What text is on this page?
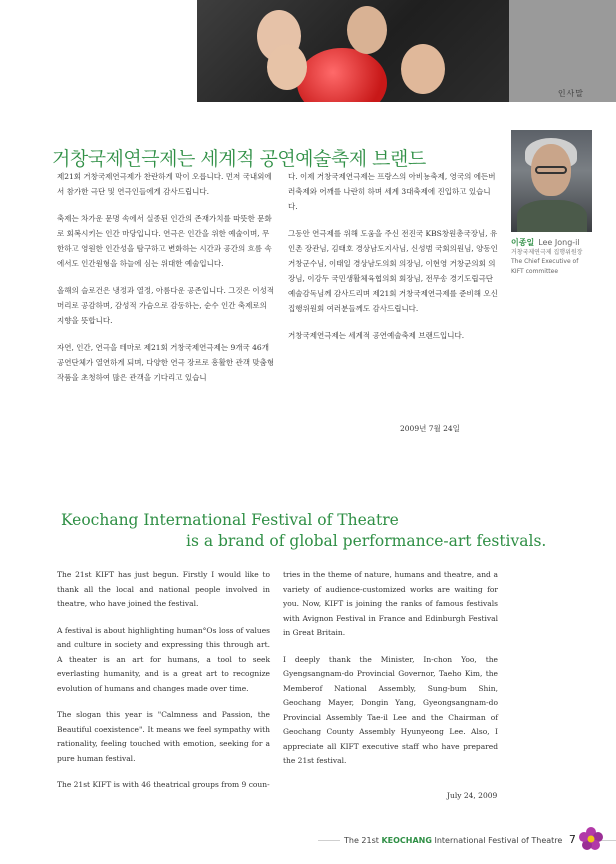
인사말
거창국제연극제는 세계적 공연예술축제 브랜드
이종일 Lee Jong-il
거창국제연극제 집행위원장
The Chief Executive of
KIFT committee

제21회 거창국제연극제가 찬란하게 막이 오릅니다. 먼저 국내외에서 참가한 극단 및 연극인들에게 감사드립니다.

축제는 차가운 문명 속에서 실종된 인간의 존재가치를 따뜻한 문화로 회복시키는 인간 마당입니다. 연극은 인간을 위한 예술이며, 무한하고 영원한 인간성을 탐구하고 변화하는 시간과 공간의 흐름 속에서도 인간원형을 하늘에 심는 위대한 예술입니다.

올해의 슬로건은 냉정과 열정, 아름다운 공존입니다. 그것은 이성적 머리로 공감하며, 감성적 가슴으로 감동하는, 순수 인간 축제로의 지향을 뜻합니다.

자연, 인간, 연극을 테마로 제21회 거창국제연극제는 9개국 46개 공연단체가 열연하게 되며, 다양한 연극 장르로 흥활한 관객 맞춤형 작품을 초청하여 많은 관객을 기다리고 있습니

다. 이제 거창국제연극제는 프랑스의 아비뇽축제, 영국의 에든버러축제와 어깨를 나란히 하며 세계 3대축제에 진입하고 있습니다.

그동안 연극제를 위해 도움을 주신 전진국 KBS창원총국장님, 유인촌 장관님, 김태호 경상남도지사님, 신성범 국회의원님, 양동인 거창군수님, 이태일 경상남도의회 의장님, 이현영 거창군의회 의장님, 이강두 국민생활체육협의회 회장님, 전무송 경기도립극단 예술감독님께 감사드리며 제21회 거창국제연극제를 준비해 오신 집행위원회 여러분들께도 감사드립니다.

거창국제연극제는 세계적 공연예술축제 브랜드입니다.

2009년 7월 24일
Keochang International Festival of Theatre
is a brand of global performance-art festivals.

The 21st KIFT has just begun. Firstly I would like to thank all the local and national people involved in theatre, who have joined the festival.

A festival is about highlighting human°Os loss of values and culture in society and expressing this through art. A theater is an art for humans, a tool to seek everlasting humanity, and is a great art to recognize evolution of humans and changes made over time.

The slogan this year is "Calmness and Passion, the Beautiful coexistence". It means we feel sympathy with rationality, feeling touched with emotion, seeking for a pure human festival.

The 21st KIFT is with 46 theatrical groups from 9 coun-

tries in the theme of nature, humans and theatre, and a variety of audience-customized works are waiting for you. Now, KIFT is joining the ranks of famous festivals with Avignon Festival in France and Edinburgh Festival in Great Britain.

I deeply thank the Minister, In-chon Yoo, the Gyengsangnam-do Provincial Governor, Taeho Kim, the Memberof National Assembly, Sung-bum Shin, Geochang Mayer, Dongin Yang, Gyeongsangnam-do Provincial Assembly Tae-il Lee and the Chairman of Geochang County Assembly Hyunyeong Lee. Also, I appreciate all KIFT executive staff who have prepared the 21st festival.

July 24, 2009
The 21st KEOCHANG International Festival of Theatre 7
